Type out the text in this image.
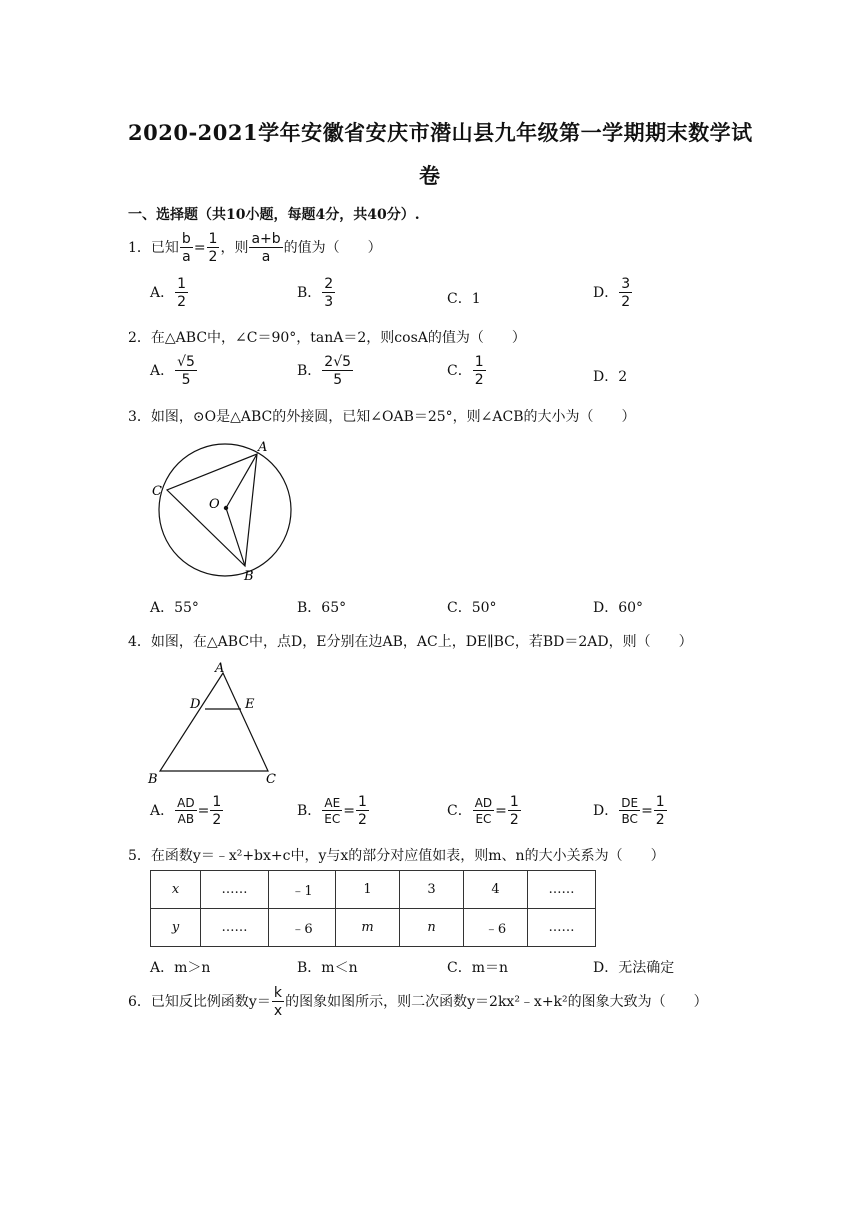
2020-2021学年安徽省安庆市潜山县九年级第一学期期末数学试
卷
一、选择题（共10小题，每题4分，共40分）.
1．已知 $\frac{b}{a} = \frac{1}{2}$ ，则 $\frac{a+b}{a}$ 的值为（　　）
A． $\frac{1}{2}$	B． $\frac{2}{3}$	C．1	D． $\frac{3}{2}$
2．在△ABC中，∠C＝90°，tanA＝2，则cosA的值为（　　）
A． $\frac{√5}{5}$	B． $\frac{2√5}{5}$	C． $\frac{1}{2}$	D．2
3．如图，⊙O是△ABC的外接圆，已知∠OAB＝25°，则∠ACB的大小为（　　）
A
C
O
B
A．55°	B．65°	C．50°	D．60°
4．如图，在△ABC中，点D，E分别在边AB，AC上，DE∥BC，若BD＝2AD，则（　　）
A
D	E
B	C
A． $\frac{AD}{AB} = \frac{1}{2}$	B． $\frac{AE}{EC} = \frac{1}{2}$	C． $\frac{AD}{EC} = \frac{1}{2}$	D． $\frac{DE}{BC} = \frac{1}{2}$
5．在函数y＝﹣x²+bx+c中，y与x的部分对应值如表，则m、n的大小关系为（　　）
x	……	﹣1	1	3	4	……
y	……	﹣6	m	n	﹣6	……
A．m＞n	B．m＜n	C．m＝n	D．无法确定
6．已知反比例函数$y= \frac{k}{x}$ 的图象如图所示，则二次函数y＝2kx²﹣x+k²的图象大致为（　　）
